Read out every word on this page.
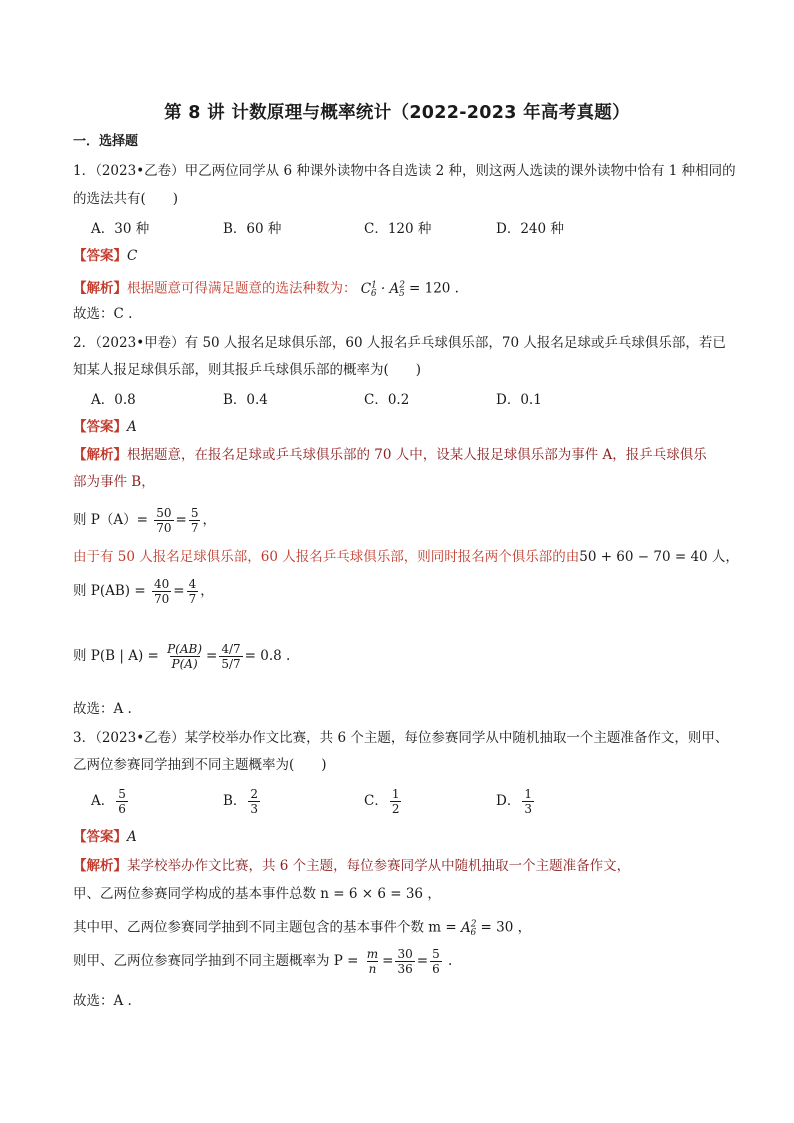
第 8 讲 计数原理与概率统计（2022-2023 年高考真题）
一．选择题
1．（2023•乙卷）甲乙两位同学从 6 种课外读物中各自选读 2 种，则这两人选读的课外读物中恰有 1 种相同的
的选法共有(　　)
A．30 种	B．60 种	C．120 种	D．240 种
【答案】C
【解析】根据题意可得满足题意的选法种数为： $C^1_6 \cdot A^2_5 = 120$ .
故选：C .
2．（2023•甲卷）有 50 人报名足球俱乐部，60 人报名乒乓球俱乐部，70 人报名足球或乒乓球俱乐部，若已
知某人报足球俱乐部，则其报乒乓球俱乐部的概率为(　　)
A．0.8	B．0.4	C．0.2	D．0.1
【答案】A
【解析】根据题意，在报名足球或乒乓球俱乐部的 70 人中，设某人报足球俱乐部为事件 A，报乒乓球俱乐
部为事件 B，
则 $P(A)= \frac{50}{70} = \frac{5}{7}$ ，
由于有 50 人报名足球俱乐部，60 人报名乒乓球俱乐部，则同时报名两个俱乐部的由50 + 60 − 70 = 40 人，
则 $P(AB) = \frac{40}{70} = \frac{4}{7}$ ，
则 P(B | $A) = \frac{P(AB)}{P(A)} = \frac{4/7}{5/7} = 0.8$ .
故选：A .
3．（2023•乙卷）某学校举办作文比赛，共 6 个主题，每位参赛同学从中随机抽取一个主题准备作文，则甲、
乙两位参赛同学抽到不同主题概率为(　　)
A． $\frac{5}{6}$	B． $\frac{2}{3}$	C． $\frac{1}{2}$	D． $\frac{1}{3}$
【答案】A
【解析】某学校举办作文比赛，共 6 个主题，每位参赛同学从中随机抽取一个主题准备作文，
甲、乙两位参赛同学构成的基本事件总数 n = 6 × 6 = 36 ，
其中甲、乙两位参赛同学抽到不同主题包含的基本事件个数 $m = A^2_6 = 30$ ，
则甲、乙两位参赛同学抽到不同主题概率为 $P = \frac{m}{n} = \frac{30}{36} = \frac{5}{6}$ .
故选：A .
